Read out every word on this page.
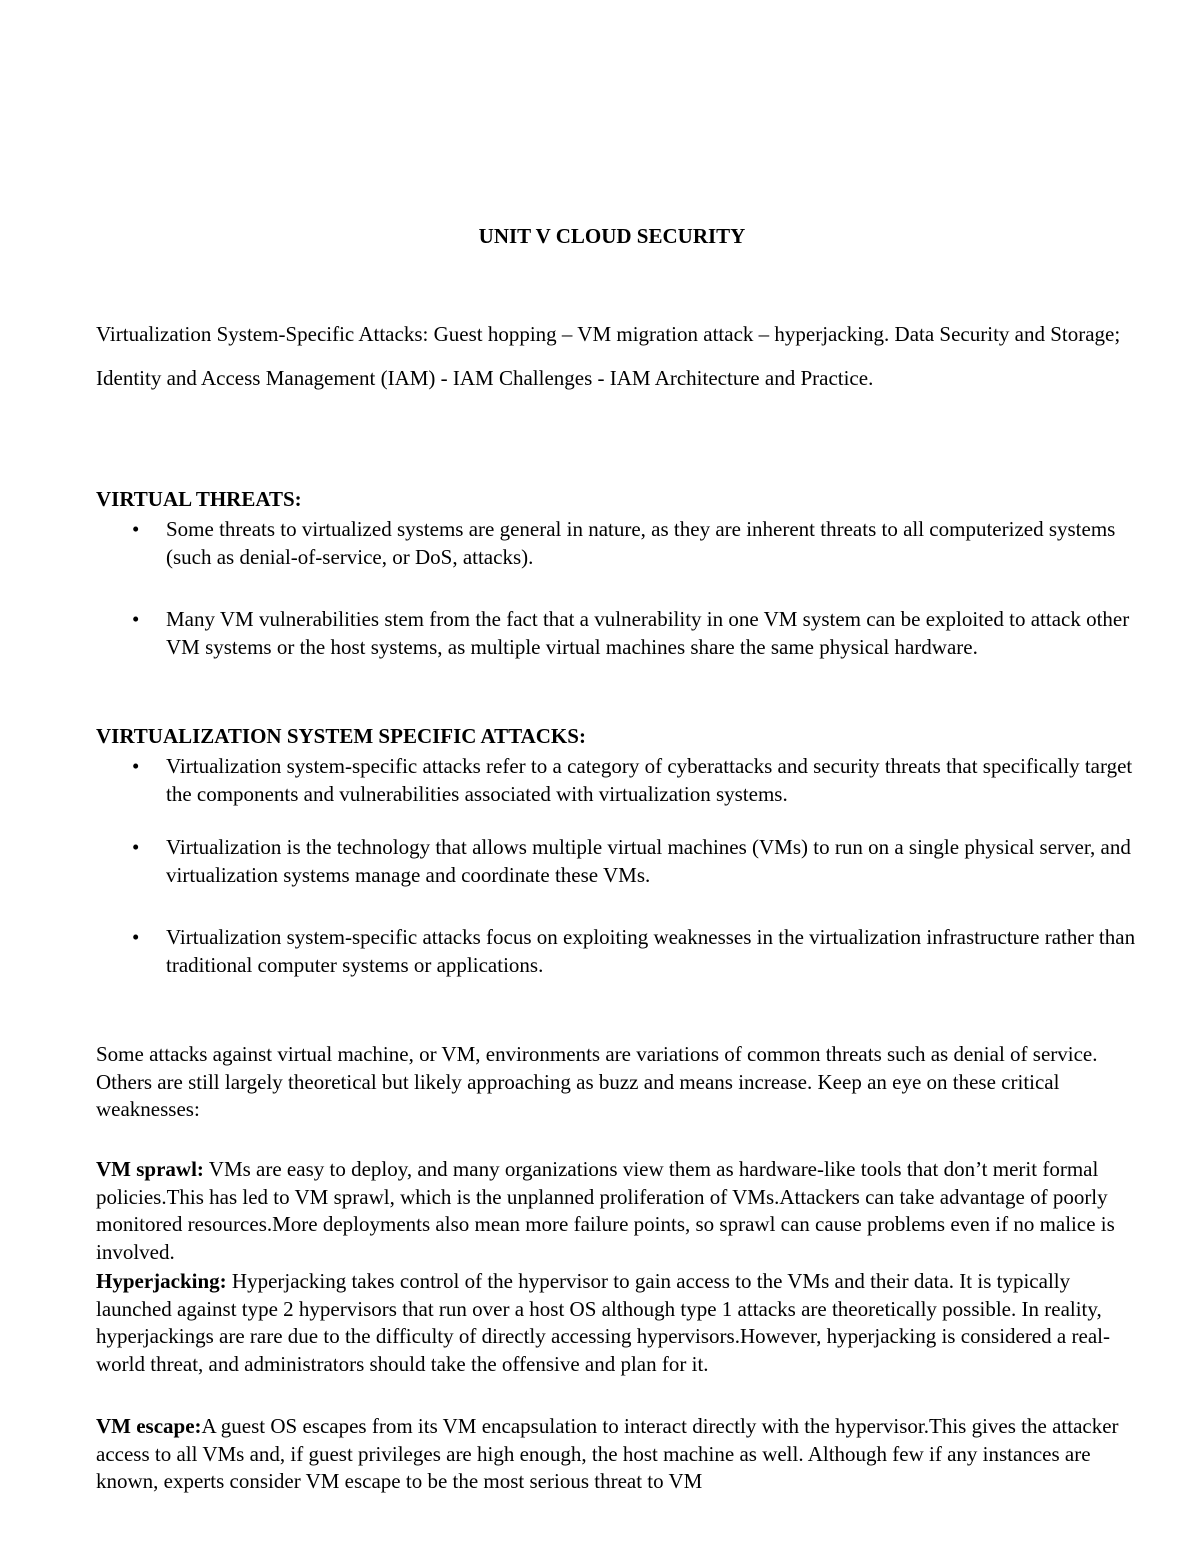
UNIT V CLOUD SECURITY
Virtualization System-Specific Attacks: Guest hopping – VM migration attack – hyperjacking. Data Security and Storage; Identity and Access Management (IAM) - IAM Challenges - IAM Architecture and Practice.
VIRTUAL THREATS:
• Some threats to virtualized systems are general in nature, as they are inherent threats to all computerized systems (such as denial-of-service, or DoS, attacks).
• Many VM vulnerabilities stem from the fact that a vulnerability in one VM system can be exploited to attack other VM systems or the host systems, as multiple virtual machines share the same physical hardware.
VIRTUALIZATION SYSTEM SPECIFIC ATTACKS:
• Virtualization system-specific attacks refer to a category of cyberattacks and security threats that specifically target the components and vulnerabilities associated with virtualization systems.
• Virtualization is the technology that allows multiple virtual machines (VMs) to run on a single physical server, and virtualization systems manage and coordinate these VMs.
• Virtualization system-specific attacks focus on exploiting weaknesses in the virtualization infrastructure rather than traditional computer systems or applications.
Some attacks against virtual machine, or VM, environments are variations of common threats such as denial of service. Others are still largely theoretical but likely approaching as buzz and means increase. Keep an eye on these critical weaknesses:
VM sprawl: VMs are easy to deploy, and many organizations view them as hardware-like tools that don’t merit formal policies.This has led to VM sprawl, which is the unplanned proliferation of VMs.Attackers can take advantage of poorly monitored resources.More deployments also mean more failure points, so sprawl can cause problems even if no malice is involved.
Hyperjacking: Hyperjacking takes control of the hypervisor to gain access to the VMs and their data. It is typically launched against type 2 hypervisors that run over a host OS although type 1 attacks are theoretically possible. In reality, hyperjackings are rare due to the difficulty of directly accessing hypervisors.However, hyperjacking is considered a real-world threat, and administrators should take the offensive and plan for it.
VM escape:A guest OS escapes from its VM encapsulation to interact directly with the hypervisor.This gives the attacker access to all VMs and, if guest privileges are high enough, the host machine as well. Although few if any instances are known, experts consider VM escape to be the most serious threat to VM
